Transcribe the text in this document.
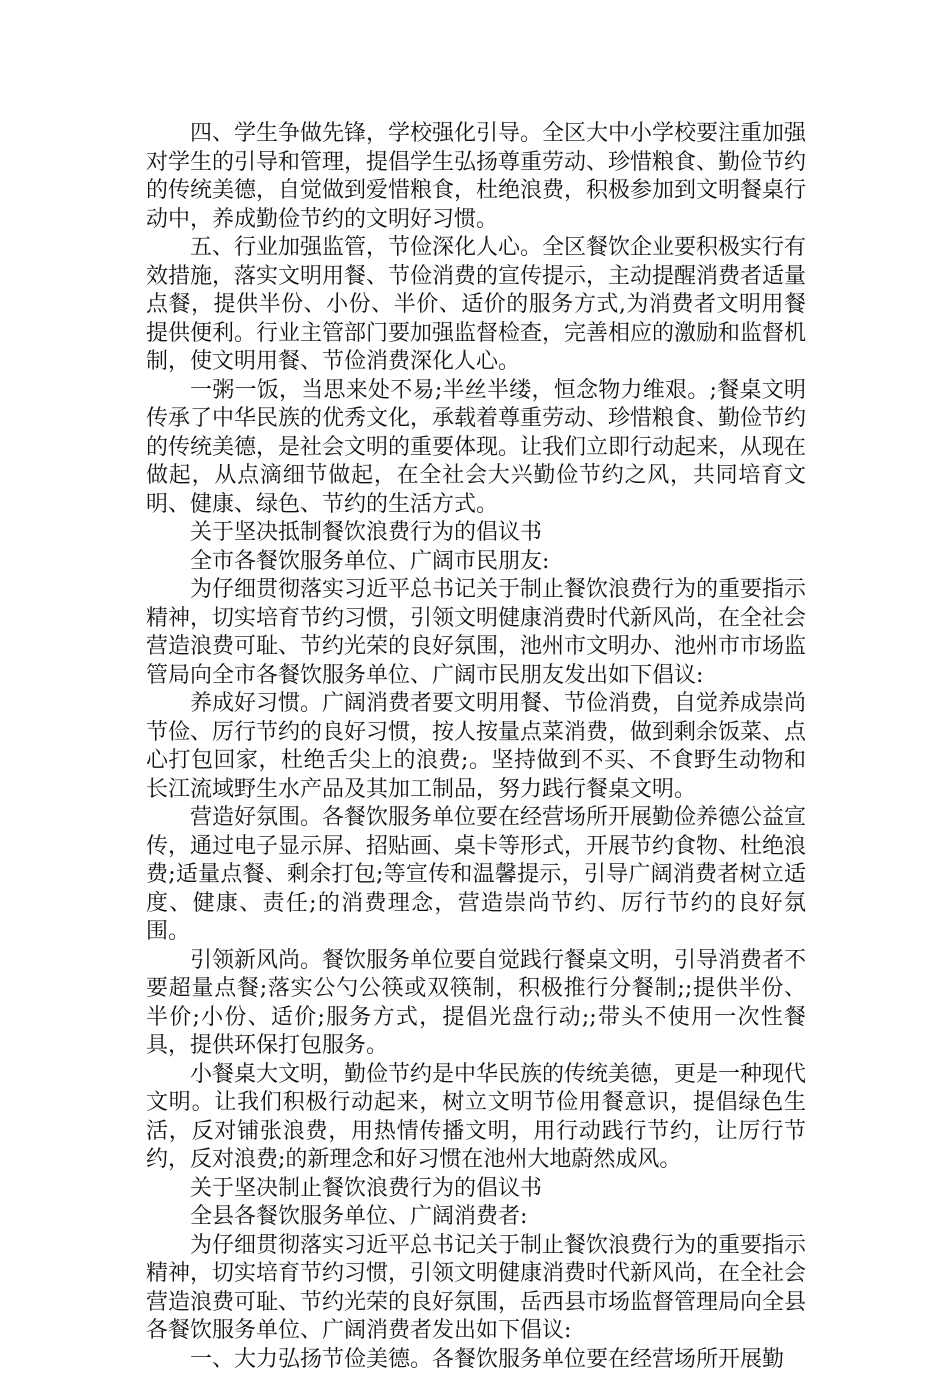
四、学生争做先锋，学校强化引导。全区大中小学校要注重加强对学生的引导和管理，提倡学生弘扬尊重劳动、珍惜粮食、勤俭节约的传统美德，自觉做到爱惜粮食，杜绝浪费，积极参加到文明餐桌行动中，养成勤俭节约的文明好习惯。

五、行业加强监管，节俭深化人心。全区餐饮企业要积极实行有效措施，落实文明用餐、节俭消费的宣传提示，主动提醒消费者适量点餐，提供半份、小份、半价、适价的服务方式,为消费者文明用餐提供便利。行业主管部门要加强监督检查，完善相应的激励和监督机制，使文明用餐、节俭消费深化人心。

一粥一饭，当思来处不易;半丝半缕，恒念物力维艰。;餐桌文明传承了中华民族的优秀文化，承载着尊重劳动、珍惜粮食、勤俭节约的传统美德，是社会文明的重要体现。让我们立即行动起来，从现在做起，从点滴细节做起，在全社会大兴勤俭节约之风，共同培育文明、健康、绿色、节约的生活方式。

关于坚决抵制餐饮浪费行为的倡议书

全市各餐饮服务单位、广阔市民朋友:

为仔细贯彻落实习近平总书记关于制止餐饮浪费行为的重要指示精神，切实培育节约习惯，引领文明健康消费时代新风尚，在全社会营造浪费可耻、节约光荣的良好氛围，池州市文明办、池州市市场监管局向全市各餐饮服务单位、广阔市民朋友发出如下倡议:

养成好习惯。广阔消费者要文明用餐、节俭消费，自觉养成崇尚节俭、厉行节约的良好习惯，按人按量点菜消费，做到剩余饭菜、点心打包回家，杜绝舌尖上的浪费;。坚持做到不买、不食野生动物和长江流域野生水产品及其加工制品，努力践行餐桌文明。

营造好氛围。各餐饮服务单位要在经营场所开展勤俭养德公益宣传，通过电子显示屏、招贴画、桌卡等形式，开展节约食物、杜绝浪费;适量点餐、剩余打包;等宣传和温馨提示，引导广阔消费者树立适度、健康、责任;的消费理念，营造崇尚节约、厉行节约的良好氛围。

引领新风尚。餐饮服务单位要自觉践行餐桌文明，引导消费者不要超量点餐;落实公勺公筷或双筷制，积极推行分餐制;;提供半份、半价;小份、适价;服务方式，提倡光盘行动;;带头不使用一次性餐具，提供环保打包服务。

小餐桌大文明，勤俭节约是中华民族的传统美德，更是一种现代文明。让我们积极行动起来，树立文明节俭用餐意识，提倡绿色生活，反对铺张浪费，用热情传播文明，用行动践行节约，让厉行节约，反对浪费;的新理念和好习惯在池州大地蔚然成风。

关于坚决制止餐饮浪费行为的倡议书

全县各餐饮服务单位、广阔消费者:

为仔细贯彻落实习近平总书记关于制止餐饮浪费行为的重要指示精神，切实培育节约习惯，引领文明健康消费时代新风尚，在全社会营造浪费可耻、节约光荣的良好氛围，岳西县市场监督管理局向全县各餐饮服务单位、广阔消费者发出如下倡议:

一、大力弘扬节俭美德。各餐饮服务单位要在经营场所开展勤
